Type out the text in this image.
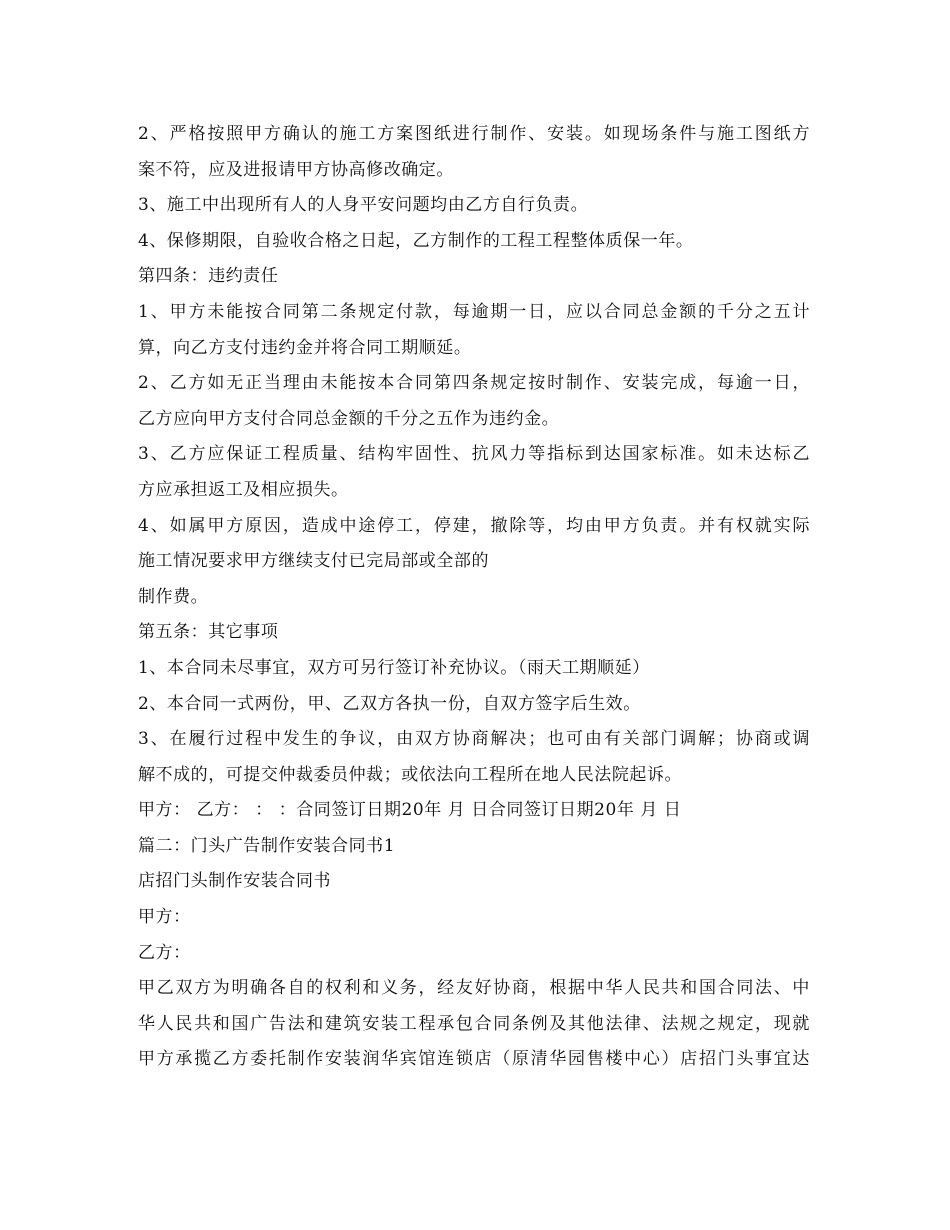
2、严格按照甲方确认的施工方案图纸进行制作、安装。如现场条件与施工图纸方
案不符，应及进报请甲方协高修改确定。
3、施工中出现所有人的人身平安问题均由乙方自行负责。
4、保修期限，自验收合格之日起，乙方制作的工程工程整体质保一年。
第四条：违约责任
1、甲方未能按合同第二条规定付款，每逾期一日，应以合同总金额的千分之五计
算，向乙方支付违约金并将合同工期顺延。
2、乙方如无正当理由未能按本合同第四条规定按时制作、安装完成，每逾一日，
乙方应向甲方支付合同总金额的千分之五作为违约金。
3、乙方应保证工程质量、结构牢固性、抗风力等指标到达国家标准。如未达标乙
方应承担返工及相应损失。
4、如属甲方原因，造成中途停工，停建，撤除等，均由甲方负责。并有权就实际
施工情况要求甲方继续支付已完局部或全部的
制作费。
第五条：其它事项
1、本合同未尽事宜，双方可另行签订补充协议。（雨天工期顺延）
2、本合同一式两份，甲、乙双方各执一份，自双方签字后生效。
3、在履行过程中发生的争议，由双方协商解决；也可由有关部门调解；协商或调
解不成的，可提交仲裁委员仲裁；或依法向工程所在地人民法院起诉。
甲方： 乙方： ： ：合同签订日期20年 月 日合同签订日期20年 月 日
篇二：门头广告制作安装合同书1
店招门头制作安装合同书
甲方：
乙方：
甲乙双方为明确各自的权利和义务，经友好协商，根据中华人民共和国合同法、中
华人民共和国广告法和建筑安装工程承包合同条例及其他法律、法规之规定，现就
甲方承揽乙方委托制作安装润华宾馆连锁店（原清华园售楼中心）店招门头事宜达
